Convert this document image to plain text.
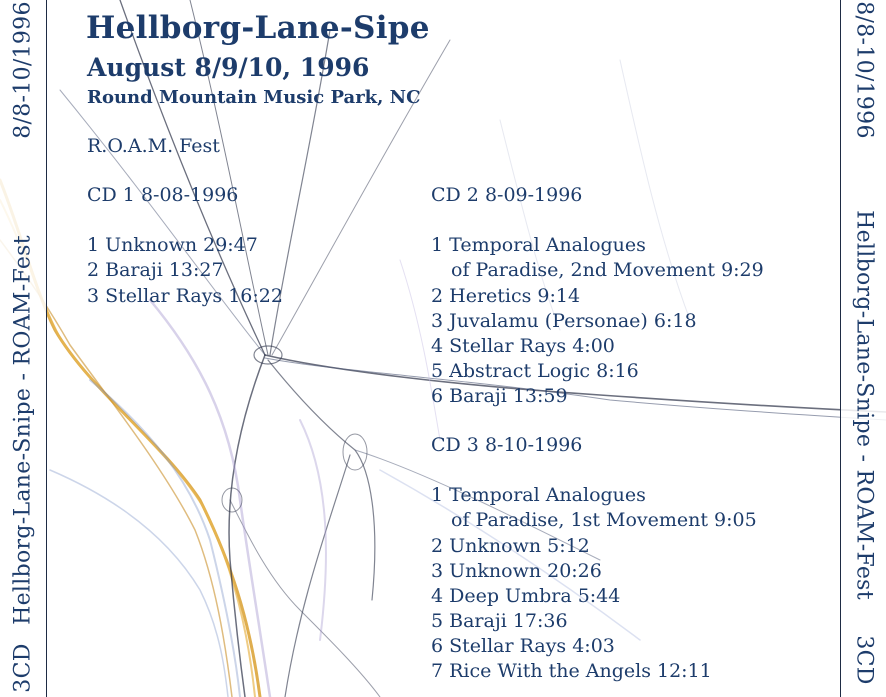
8/8-10/1996
Hellborg-Lane-Snipe - ROAM-Fest
3CD
8/8-10/1996
Hellborg-Lane-Snipe - ROAM-Fest
3CD
Hellborg-Lane-Sipe
August 8/9/10, 1996
Round Mountain Music Park, NC
R.O.A.M. Fest
CD 1 8-08-1996
1 Unknown 29:47
2 Baraji 13:27
3 Stellar Rays 16:22
CD 2 8-09-1996
1 Temporal Analogues
of Paradise, 2nd Movement 9:29
2 Heretics 9:14
3 Juvalamu (Personae) 6:18
4 Stellar Rays 4:00
5 Abstract Logic 8:16
6 Baraji 13:59
CD 3 8-10-1996
1 Temporal Analogues
of Paradise, 1st Movement 9:05
2 Unknown 5:12
3 Unknown 20:26
4 Deep Umbra 5:44
5 Baraji 17:36
6 Stellar Rays 4:03
7 Rice With the Angels 12:11
